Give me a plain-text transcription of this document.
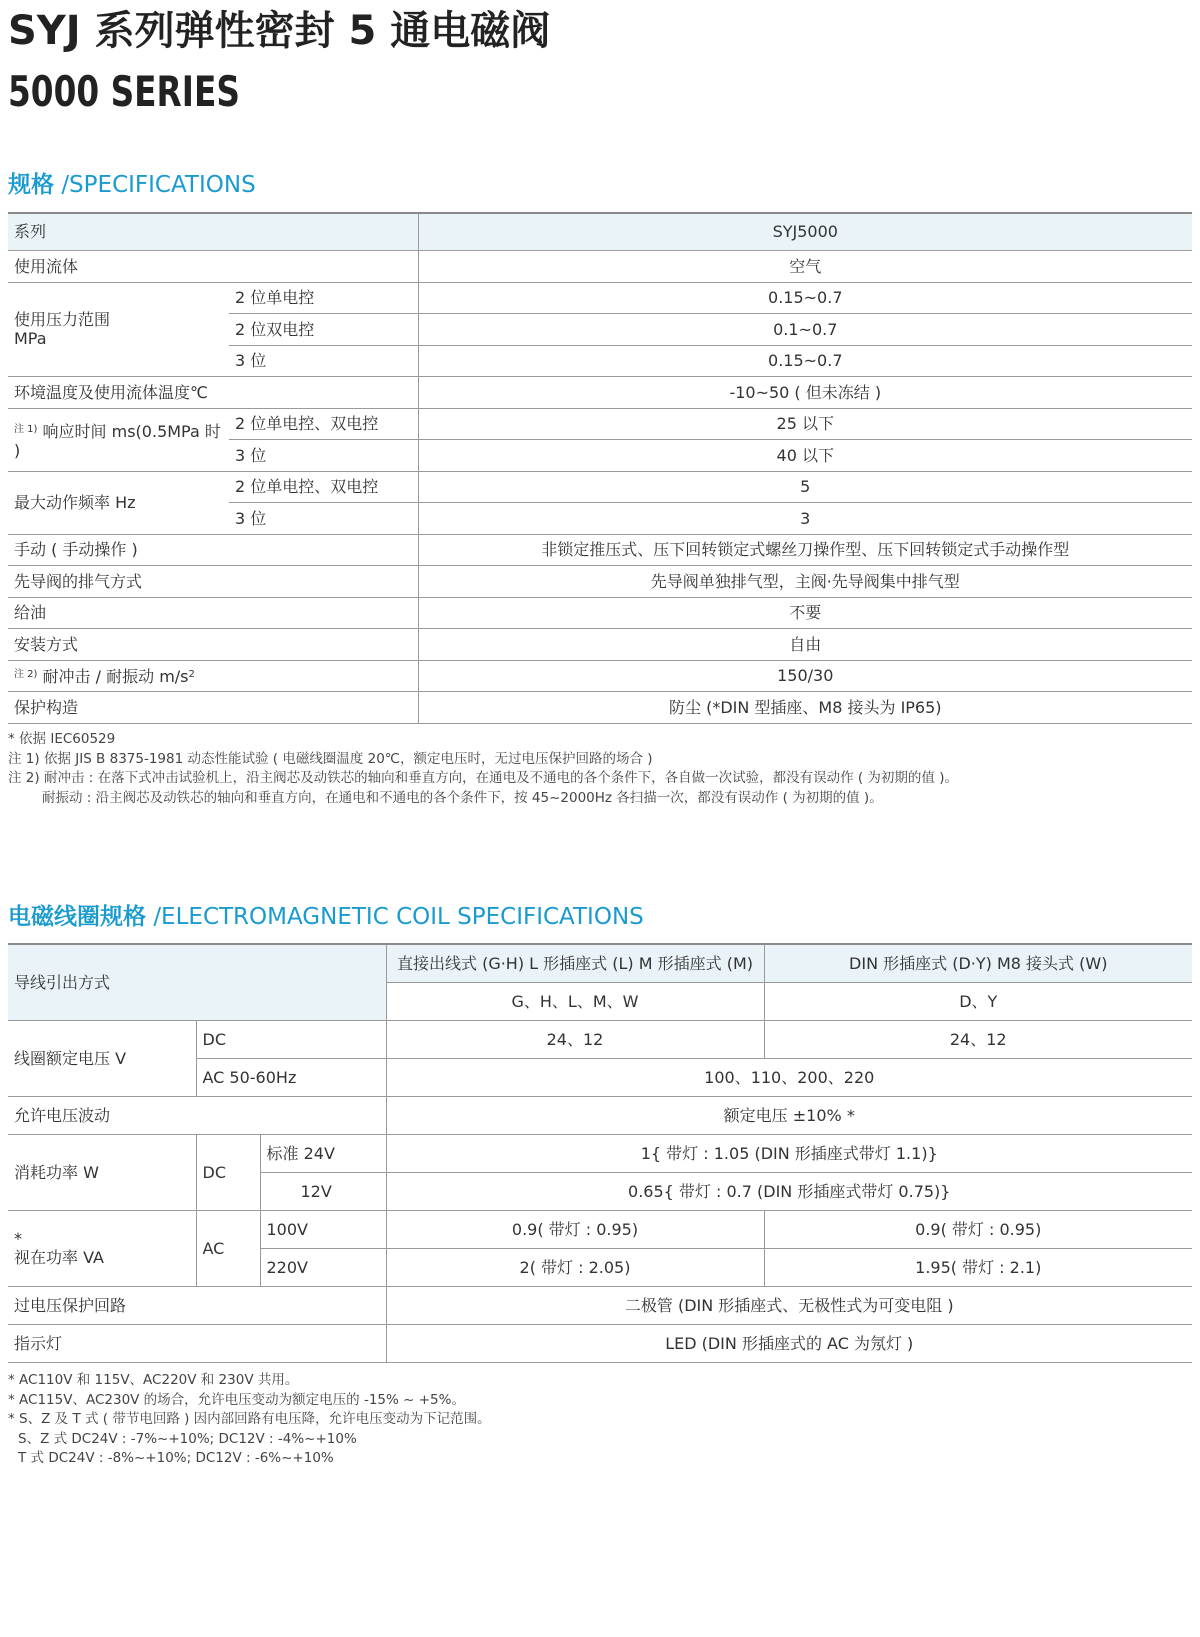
SYJ 系列弹性密封 5 通电磁阀
5000 SERIES
规格 /SPECIFICATIONS
系列		SYJ5000
使用流体		空气

使用压力范围
MPa	2 位单电控	0.15~0.7
	2 位双电控	0.1~0.7
	3 位	0.15~0.7
环境温度及使用流体温度℃		-10~50 ( 但未冻结 )
$^{注 1)}$ 响应时间 ms(0.5MPa 时 )	2 位单电控、双电控	25 以下
	3 位	40 以下
最大动作频率 Hz	2 位单电控、双电控	5
	3 位	3
手动 ( 手动操作 )		非锁定推压式、压下回转锁定式螺丝刀操作型、压下回转锁定式手动操作型
先导阀的排气方式		先导阀单独排气型，主阀·先导阀集中排气型
给油		不要
安装方式		自由
$^{注 2)}$ 耐冲击 / 耐振动 $m/s^2$		150/30
保护构造		防尘 (*DIN 型插座、M8 接头为 IP65)
* 依据 IEC60529
注 1) 依据 JIS B 8375-1981 动态性能试验 ( 电磁线圈温度 20℃，额定电压时，无过电压保护回路的场合 )
注 2) 耐冲击 : 在落下式冲击试验机上，沿主阀芯及动铁芯的轴向和垂直方向，在通电及不通电的各个条件下，各自做一次试验，都没有误动作 ( 为初期的值 )。
耐振动 : 沿主阀芯及动铁芯的轴向和垂直方向，在通电和不通电的各个条件下，按 45~2000Hz 各扫描一次，都没有误动作 ( 为初期的值 )。
电磁线圈规格 /ELECTROMAGNETIC COIL SPECIFICATIONS
导线引出方式			直接出线式 (G·H) L 形插座式 (L) M 形插座式 (M)	DIN 形插座式 (D·Y) M8 接头式 (W)
			G、H、L、M、W	D、Y
线圈额定电压 V	DC		24、12	24、12
	AC 50-60Hz		100、110、200、220	
允许电压波动			额定电压 ±10% *	
消耗功率 W	DC	标准 24V	1{ 带灯 : 1.05 (DIN 形插座式带灯 1.1)}	
		12V	0.65{ 带灯 : 0.7 (DIN 形插座式带灯 0.75)}	

*
视在功率 VA	AC	100V	0.9( 带灯 : 0.95)	0.9( 带灯 : 0.95)
		220V	2( 带灯 : 2.05)	1.95( 带灯 : 2.1)
过电压保护回路			二极管 (DIN 形插座式、无极性式为可变电阻 )	
指示灯			LED (DIN 形插座式的 AC 为氖灯 )	
* AC110V 和 115V、AC220V 和 230V 共用。
* AC115V、AC230V 的场合，允许电压变动为额定电压的 -15% ~ +5%。
* S、Z 及 T 式 ( 带节电回路 ) 因内部回路有电压降，允许电压变动为下记范围。
S、Z 式 DC24V : -7%~+10%; DC12V : -4%~+10%
T 式 DC24V : -8%~+10%; DC12V : -6%~+10%
